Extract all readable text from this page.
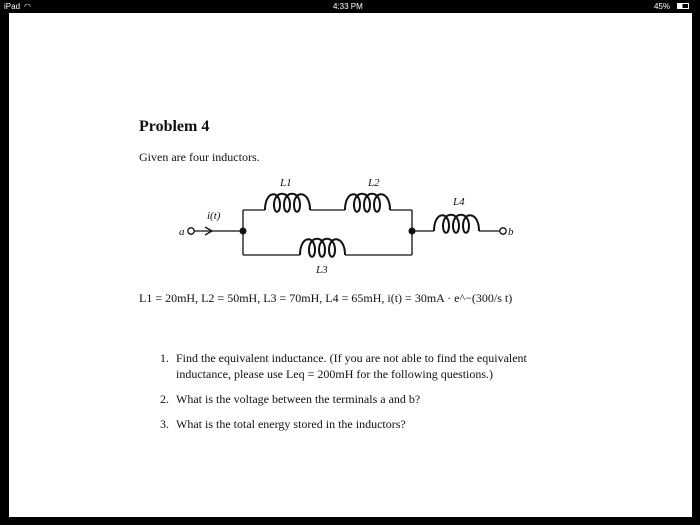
iPad ◠	4:33 PM	45%
Problem 4
Given are four inductors.
a	b
i(t)
L1	L2
L4
L3
L1 = 20mH, L2 = 50mH, L3 = 70mH, L4 = 65mH, i(t) = 30mA · e^−(300/s t)
1. Find the equivalent inductance. (If you are not able to find the equivalent inductance, please use Leq = 200mH for the following questions.)
2. What is the voltage between the terminals a and b?
3. What is the total energy stored in the inductors?
